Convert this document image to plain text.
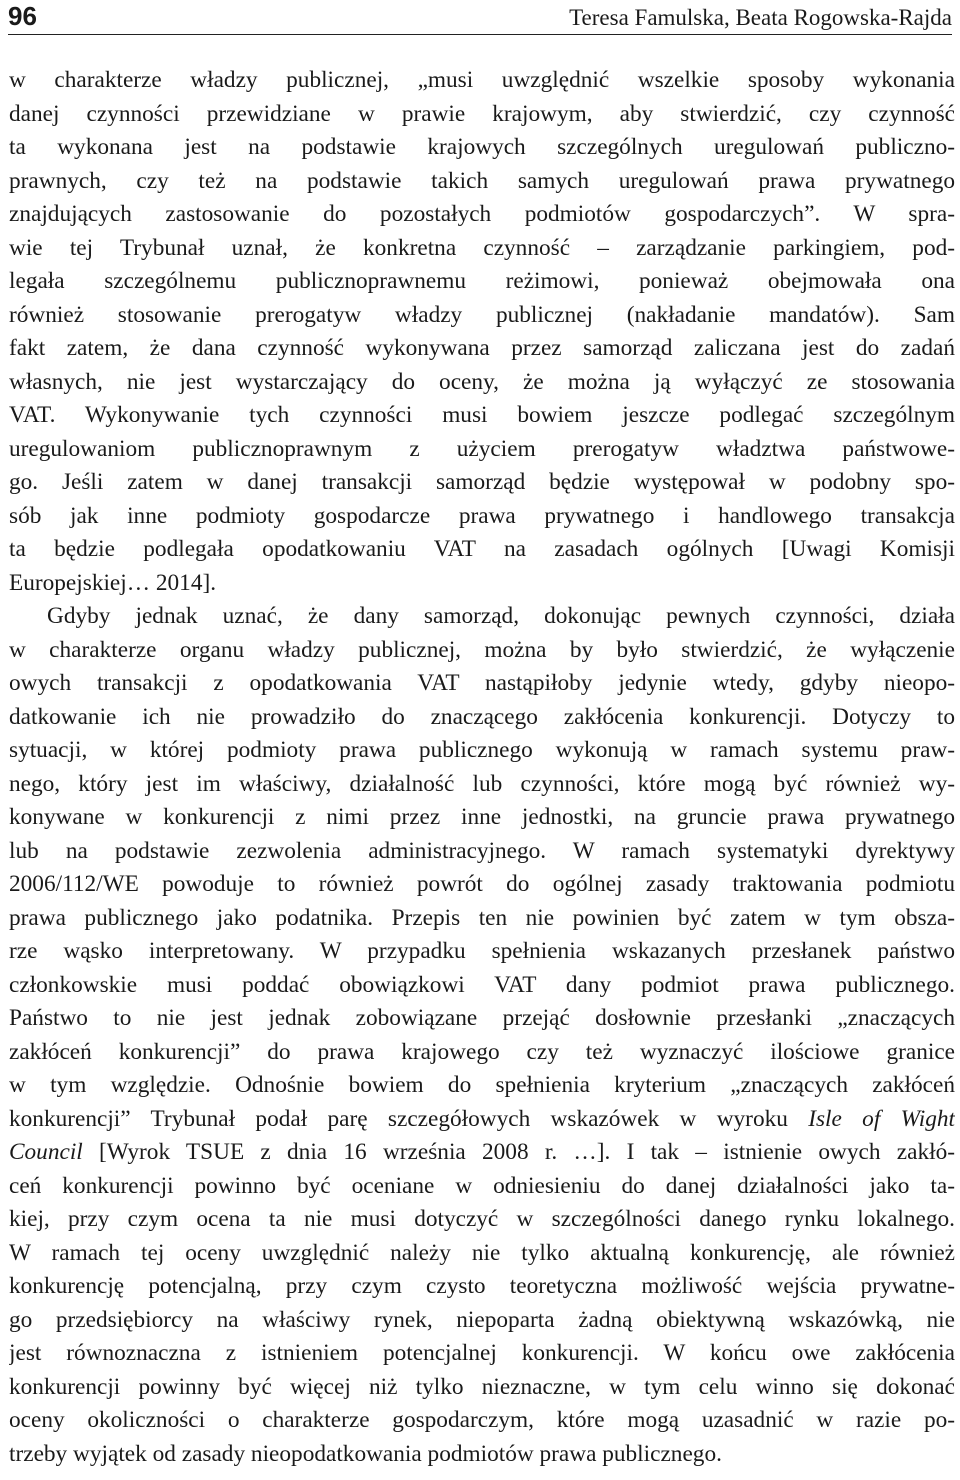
96	Teresa Famulska, Beata Rogowska-Rajda
w charakterze władzy publicznej, „musi uwzględnić wszelkie sposoby wykonania
danej czynności przewidziane w prawie krajowym, aby stwierdzić, czy czynność
ta wykonana jest na podstawie krajowych szczególnych uregulowań publiczno-
prawnych, czy też na podstawie takich samych uregulowań prawa prywatnego
znajdujących zastosowanie do pozostałych podmiotów gospodarczych”. W spra-
wie tej Trybunał uznał, że konkretna czynność – zarządzanie parkingiem, pod-
legała szczególnemu publicznoprawnemu reżimowi, ponieważ obejmowała ona
również stosowanie prerogatyw władzy publicznej (nakładanie mandatów). Sam
fakt zatem, że dana czynność wykonywana przez samorząd zaliczana jest do zadań
własnych, nie jest wystarczający do oceny, że można ją wyłączyć ze stosowania
VAT. Wykonywanie tych czynności musi bowiem jeszcze podlegać szczególnym
uregulowaniom publicznoprawnym z użyciem prerogatyw władztwa państwowe-
go. Jeśli zatem w danej transakcji samorząd będzie występował w podobny spo-
sób jak inne podmioty gospodarcze prawa prywatnego i handlowego transakcja
ta będzie podlegała opodatkowaniu VAT na zasadach ogólnych [Uwagi Komisji
Europejskiej… 2014].
Gdyby jednak uznać, że dany samorząd, dokonując pewnych czynności, działa
w charakterze organu władzy publicznej, można by było stwierdzić, że wyłączenie
owych transakcji z opodatkowania VAT nastąpiłoby jedynie wtedy, gdyby nieopo-
datkowanie ich nie prowadziło do znaczącego zakłócenia konkurencji. Dotyczy to
sytuacji, w której podmioty prawa publicznego wykonują w ramach systemu praw-
nego, który jest im właściwy, działalność lub czynności, które mogą być również wy-
konywane w konkurencji z nimi przez inne jednostki, na gruncie prawa prywatnego
lub na podstawie zezwolenia administracyjnego. W ramach systematyki dyrektywy
2006/112/WE powoduje to również powrót do ogólnej zasady traktowania podmiotu
prawa publicznego jako podatnika. Przepis ten nie powinien być zatem w tym obsza-
rze wąsko interpretowany. W przypadku spełnienia wskazanych przesłanek państwo
członkowskie musi poddać obowiązkowi VAT dany podmiot prawa publicznego.
Państwo to nie jest jednak zobowiązane przejąć dosłownie przesłanki „znaczących
zakłóceń konkurencji” do prawa krajowego czy też wyznaczyć ilościowe granice
w tym względzie. Odnośnie bowiem do spełnienia kryterium „znaczących zakłóceń
konkurencji” Trybunał podał parę szczegółowych wskazówek w wyroku Isle of Wight
Council [Wyrok TSUE z dnia 16 września 2008 r. …]. I tak – istnienie owych zakłó-
ceń konkurencji powinno być oceniane w odniesieniu do danej działalności jako ta-
kiej, przy czym ocena ta nie musi dotyczyć w szczególności danego rynku lokalnego.
W ramach tej oceny uwzględnić należy nie tylko aktualną konkurencję, ale również
konkurencję potencjalną, przy czym czysto teoretyczna możliwość wejścia prywatne-
go przedsiębiorcy na właściwy rynek, niepoparta żadną obiektywną wskazówką, nie
jest równoznaczna z istnieniem potencjalnej konkurencji. W końcu owe zakłócenia
konkurencji powinny być więcej niż tylko nieznaczne, w tym celu winno się dokonać
oceny okoliczności o charakterze gospodarczym, które mogą uzasadnić w razie po-
trzeby wyjątek od zasady nieopodatkowania podmiotów prawa publicznego.
